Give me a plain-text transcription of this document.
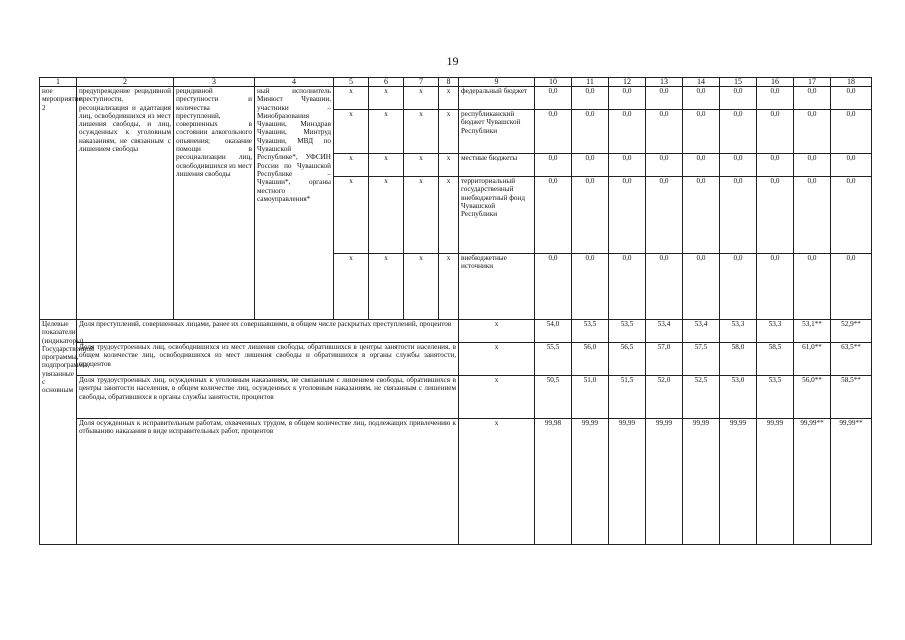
19
1	2	3	4	5	6	7	8	9	10	11	12	13	14	15	16	17	18
ное мероприятие 2	предупреждение рецидивной преступности, ресоциализация и адаптация лиц, освободившихся из мест лишения свободы, и лиц, осужденных к уголовным наказаниям, не связанным с лишением свободы	рецидивной преступности и количества преступлений, совершенных в состоянии алкогольного опьянения; оказание помощи в ресоциализации лиц, освободившихся из мест лишения свободы	ный исполнитель Минюст Чувашии, участники – Минобразования Чувашии, Минздрав Чувашии, Минтруд Чувашии, МВД по Чувашской Республике*, УФСИН России по Чувашской Республике – Чувашии*, органы местного самоуправления*	x	x	x	x	федеральный бюджет	0,0	0,0	0,0	0,0	0,0	0,0	0,0	0,0	0,0
				x	x	x	x	республиканский бюджет Чувашской Республики	0,0	0,0	0,0	0,0	0,0	0,0	0,0	0,0	0,0
				x	x	x	x	местные бюджеты	0,0	0,0	0,0	0,0	0,0	0,0	0,0	0,0	0,0
				x	x	x	x	территориальный государственный внебюджетный фонд Чувашской Республики	0,0	0,0	0,0	0,0	0,0	0,0	0,0	0,0	0,0
				x	x	x	x	внебюджетные источники	0,0	0,0	0,0	0,0	0,0	0,0	0,0	0,0	0,0
Целевые показатели (индикаторы) Государственной программы, подпрограммы, увязанные с основным	Доля преступлений, совершенных лицами, ранее их совершавшими, в общем числе раскрытых преступлений, процентов							x	54,0	53,5	53,5	53,4	53,4	53,3	53,3	53,1**	52,9**
	Доля трудоустроенных лиц, освободившихся из мест лишения свободы, обратившихся в центры занятости населения, в общем количестве лиц, освободившихся из мест лишения свободы и обратившихся в органы службы занятости, процентов							x	55,5	56,0	56,5	57,0	57,5	58,0	58,5	61,0**	63,5**
	Доля трудоустроенных лиц, осужденных к уголовным наказаниям, не связанным с лишением свободы, обратившихся в центры занятости населения, в общем количестве лиц, осужденных к уголовным наказаниям, не связанным с лишением свободы, обратившихся в органы службы занятости, процентов							x	50,5	51,0	51,5	52,0	52,5	53,0	53,5	56,0**	58,5**
	Доля осужденных к исправительным работам, охваченных трудом, в общем количестве лиц, подлежащих привлечению к отбыванию наказания в виде исправительных работ, процентов							x	99,98	99,99	99,99	99,99	99,99	99,99	99,99	99,99**	99,99**
